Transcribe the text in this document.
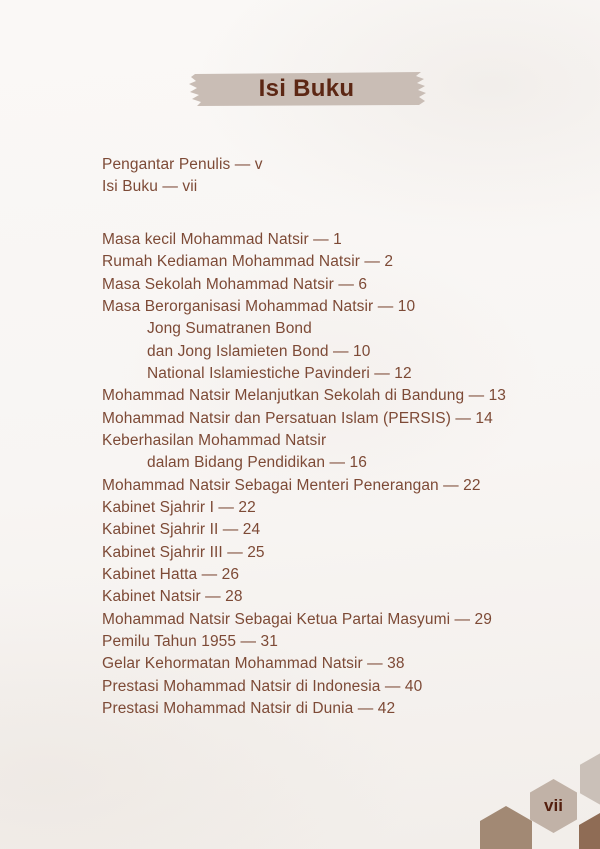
Isi Buku
Pengantar Penulis — v
Isi Buku — vii
Masa kecil Mohammad Natsir — 1
Rumah Kediaman Mohammad Natsir — 2
Masa Sekolah Mohammad Natsir — 6
Masa Berorganisasi Mohammad Natsir — 10
Jong Sumatranen Bond
dan Jong Islamieten Bond — 10
National Islamiestiche Pavinderi — 12
Mohammad Natsir Melanjutkan Sekolah di Bandung — 13
Mohammad Natsir dan Persatuan Islam (PERSIS) — 14
Keberhasilan Mohammad Natsir
dalam Bidang Pendidikan — 16
Mohammad Natsir Sebagai Menteri Penerangan — 22
Kabinet Sjahrir I — 22
Kabinet Sjahrir II — 24
Kabinet Sjahrir III — 25
Kabinet Hatta — 26
Kabinet Natsir — 28
Mohammad Natsir Sebagai Ketua Partai Masyumi — 29
Pemilu Tahun 1955 — 31
Gelar Kehormatan Mohammad Natsir — 38
Prestasi Mohammad Natsir di Indonesia — 40
Prestasi Mohammad Natsir di Dunia — 42
vii
